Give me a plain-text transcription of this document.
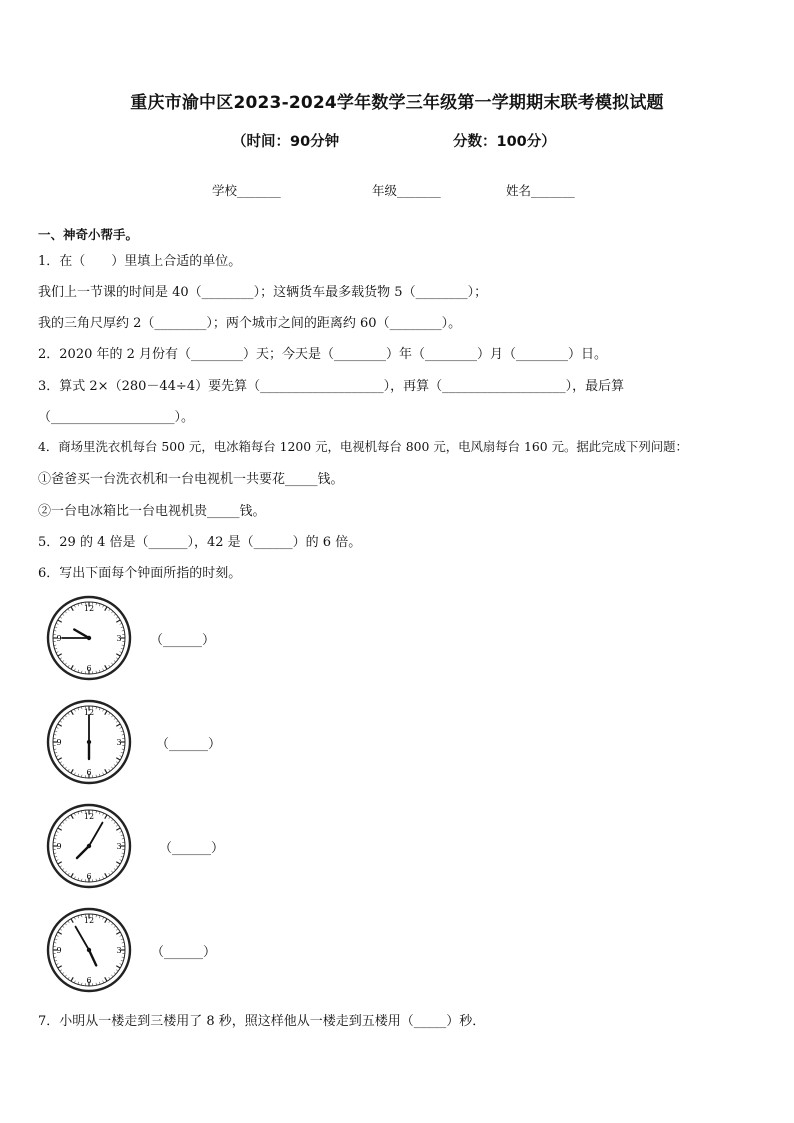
重庆市渝中区2023-2024学年数学三年级第一学期期末联考模拟试题
（时间：90分钟	分数：100分）
学校_______	年级_______	姓名_______
一、神奇小帮手。
1．在（　　）里填上合适的单位。
我们上一节课的时间是 40（________）；这辆货车最多载货物 5（________）；
我的三角尺厚约 2（________）；两个城市之间的距离约 60（________）。
2．2020 年的 2 月份有（________）天；今天是（________）年（________）月（________）日。
3．算式 2×（280－44÷4）要先算（___________________），再算（___________________），最后算
（___________________）。
4．商场里洗衣机每台 500 元，电冰箱每台 1200 元，电视机每台 800 元，电风扇每台 160 元。据此完成下列问题：
①爸爸买一台洗衣机和一台电视机一共要花_____钱。
②一台电冰箱比一台电视机贵_____钱。
5．29 的 4 倍是（______），42 是（______）的 6 倍。
6．写出下面每个钟面所指的时刻。
12
3
6
9	（______）
12
3
6
9	（______）
12
3
6
9	（______）
12
3
6
9	（______）
7．小明从一楼走到三楼用了 8 秒，照这样他从一楼走到五楼用（_____）秒．
